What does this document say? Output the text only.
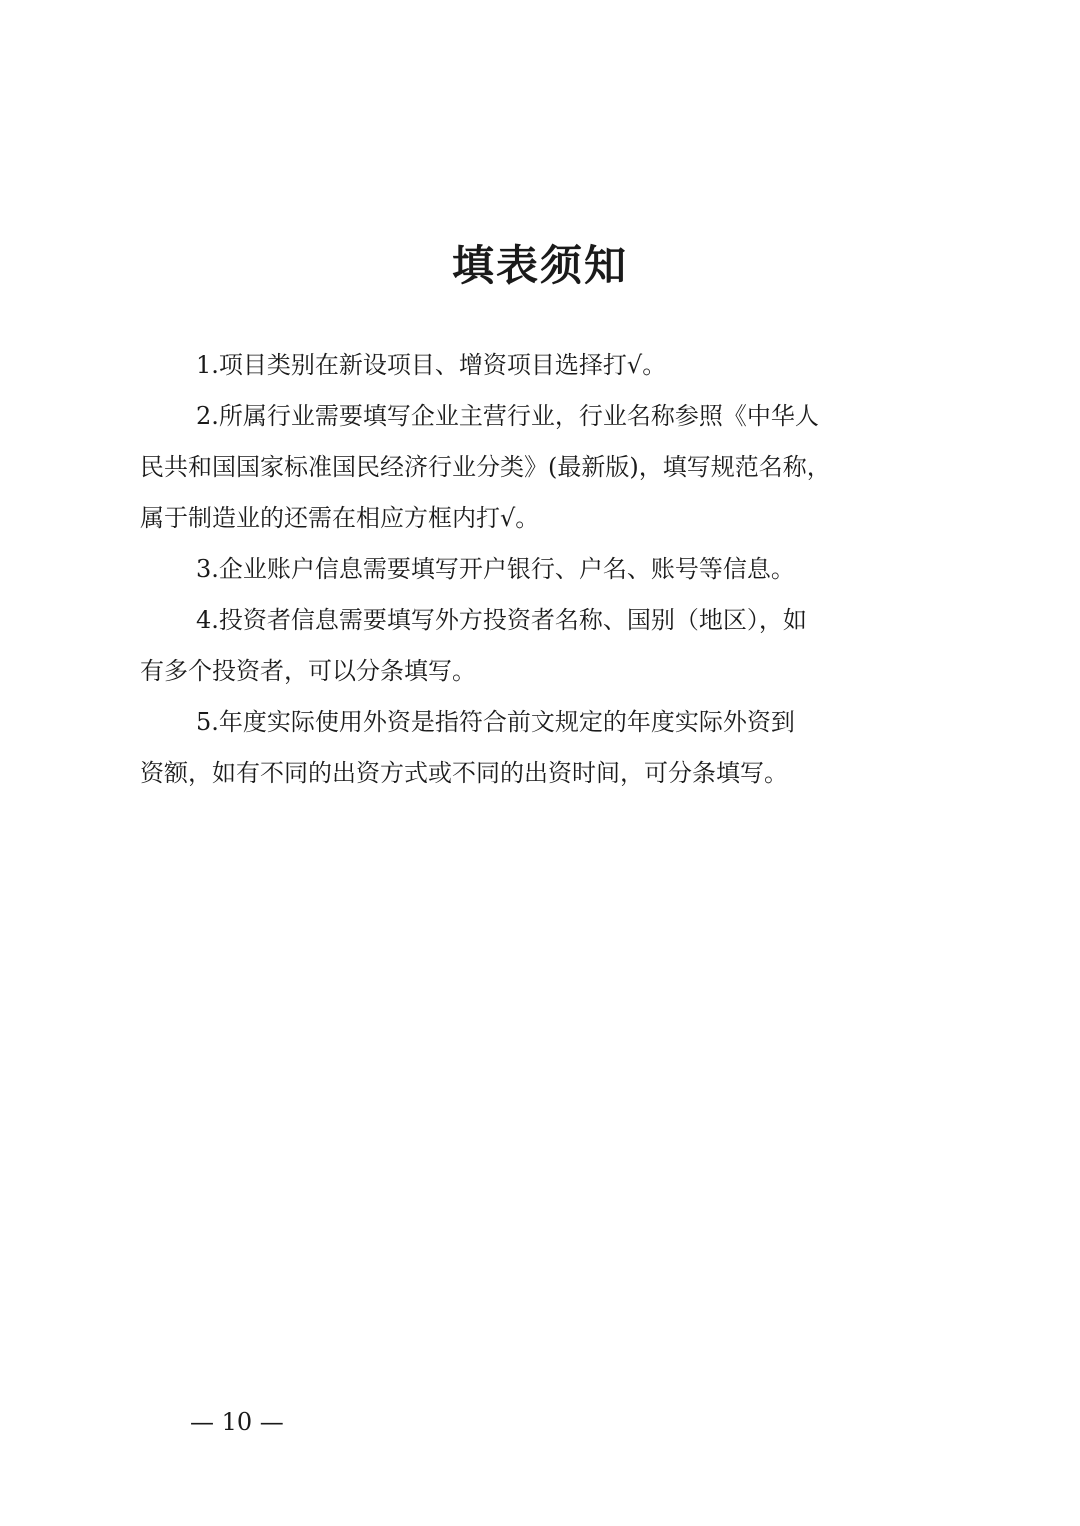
填表须知

1.项目类别在新设项目、增资项目选择打√。

2.所属行业需要填写企业主营行业，行业名称参照《中华人

民共和国国家标准国民经济行业分类》(最新版)，填写规范名称，

属于制造业的还需在相应方框内打√。

3.企业账户信息需要填写开户银行、户名、账号等信息。

4.投资者信息需要填写外方投资者名称、国别（地区），如

有多个投资者，可以分条填写。

5.年度实际使用外资是指符合前文规定的年度实际外资到

资额，如有不同的出资方式或不同的出资时间，可分条填写。

— 10 —
